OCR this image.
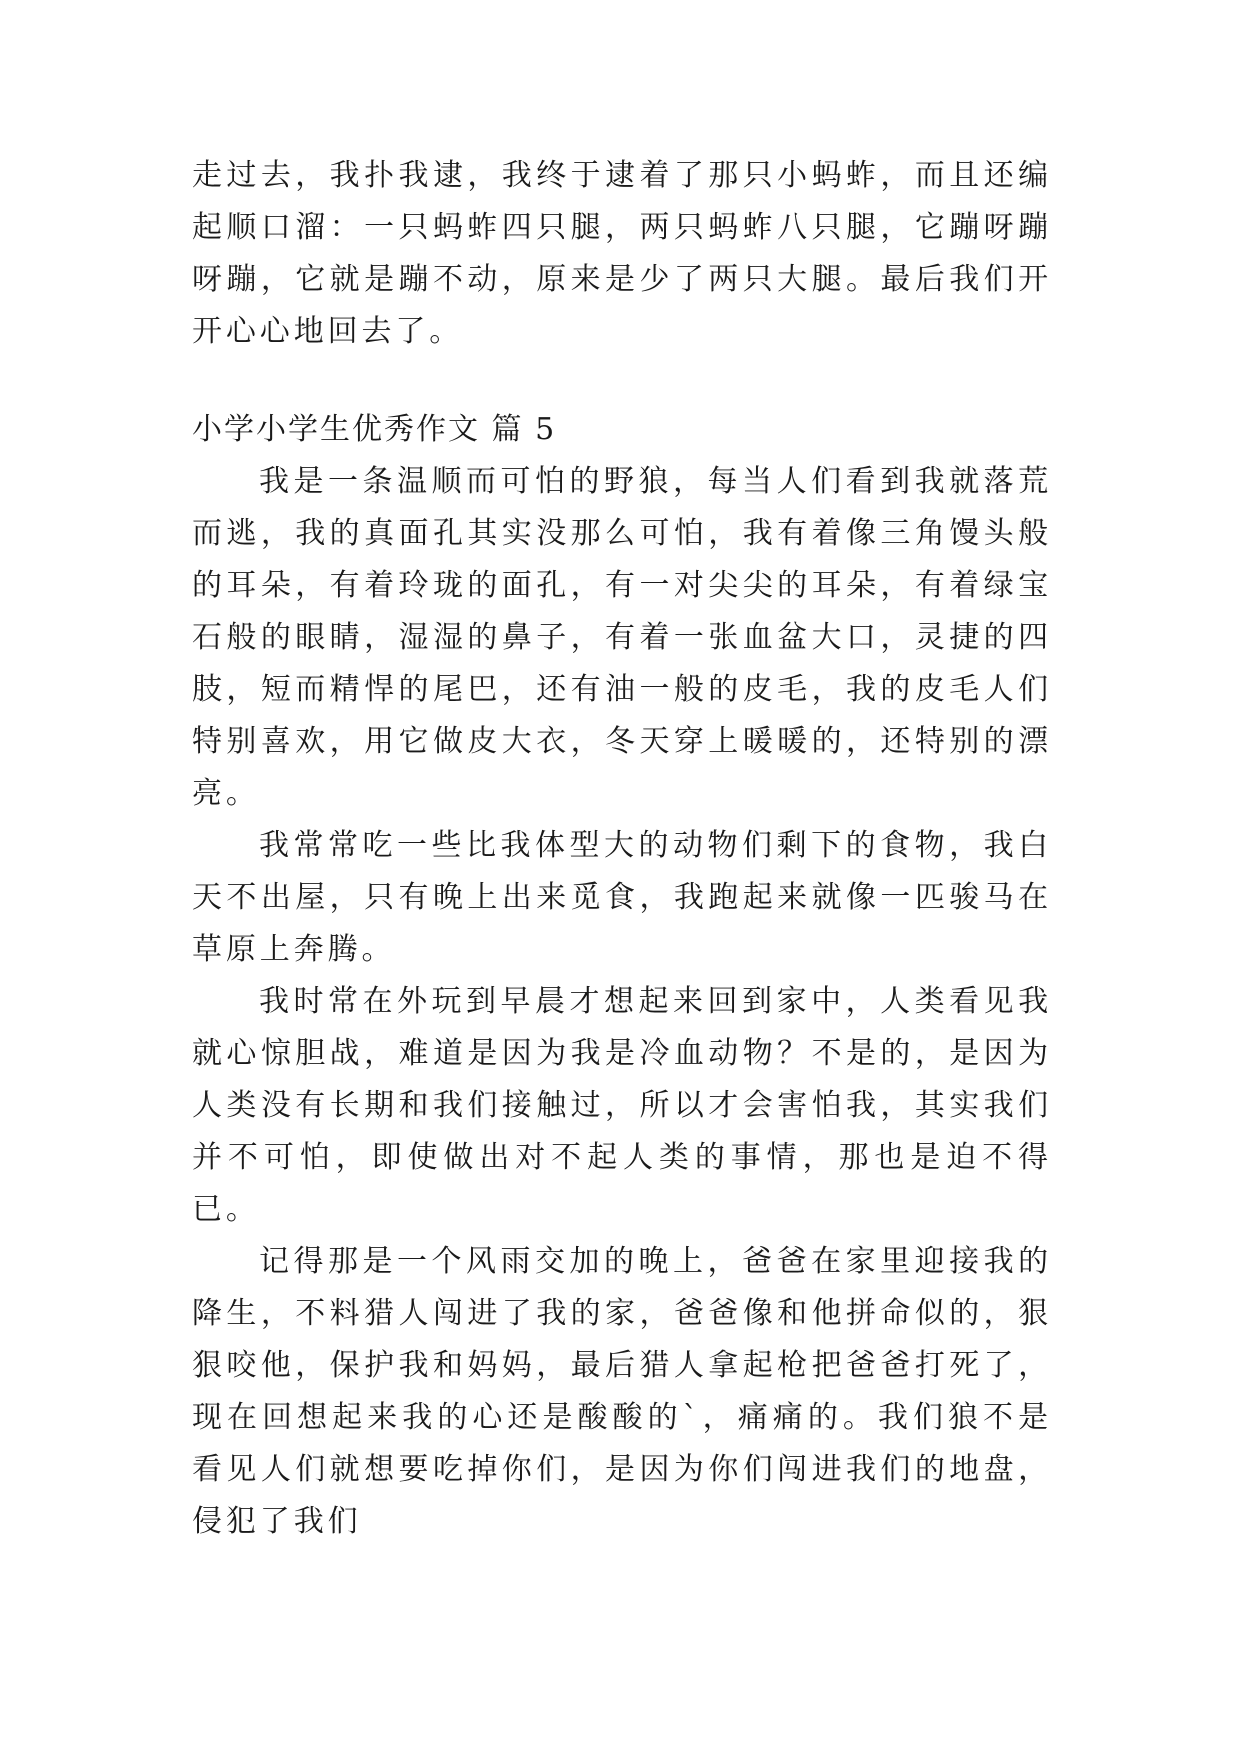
走过去，我扑我逮，我终于逮着了那只小蚂蚱，而且还编起顺口溜：一只蚂蚱四只腿，两只蚂蚱八只腿，它蹦呀蹦呀蹦，它就是蹦不动，原来是少了两只大腿。最后我们开开心心地回去了。

小学小学生优秀作文 篇 5

我是一条温顺而可怕的野狼，每当人们看到我就落荒而逃，我的真面孔其实没那么可怕，我有着像三角馒头般的耳朵，有着玲珑的面孔，有一对尖尖的耳朵，有着绿宝石般的眼睛，湿湿的鼻子，有着一张血盆大口，灵捷的四肢，短而精悍的尾巴，还有油一般的皮毛，我的皮毛人们特别喜欢，用它做皮大衣，冬天穿上暖暖的，还特别的漂亮。

我常常吃一些比我体型大的动物们剩下的食物，我白天不出屋，只有晚上出来觅食，我跑起来就像一匹骏马在草原上奔腾。

我时常在外玩到早晨才想起来回到家中，人类看见我就心惊胆战，难道是因为我是冷血动物？不是的，是因为人类没有长期和我们接触过，所以才会害怕我，其实我们并不可怕，即使做出对不起人类的事情，那也是迫不得已。

记得那是一个风雨交加的晚上，爸爸在家里迎接我的降生，不料猎人闯进了我的家，爸爸像和他拼命似的，狠狠咬他，保护我和妈妈，最后猎人拿起枪把爸爸打死了，现在回想起来我的心还是酸酸的`，痛痛的。我们狼不是看见人们就想要吃掉你们，是因为你们闯进我们的地盘，侵犯了我们
